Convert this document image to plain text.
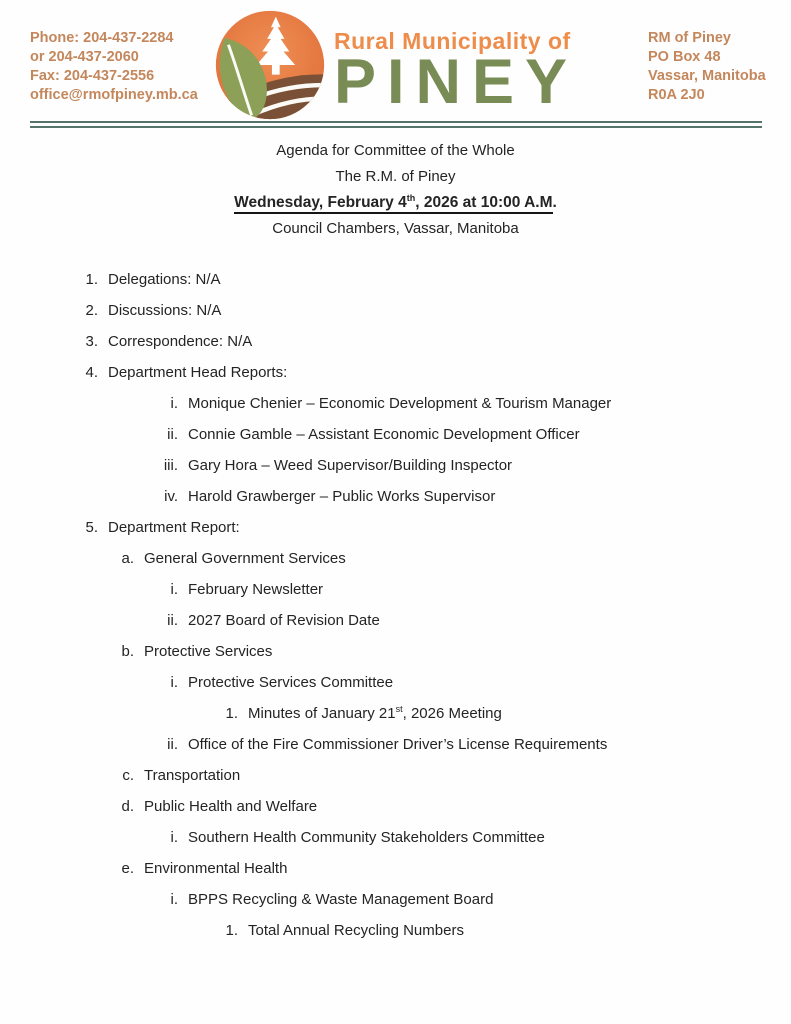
Phone: 204-437-2284
or 204-437-2060
Fax: 204-437-2556
office@rmofpiney.mb.ca
Rural Municipality of
PINEY
RM of Piney
PO Box 48
Vassar, Manitoba
R0A 2J0
Agenda for Committee of the Whole
The R.M. of Piney
Wednesday, February 4th, 2026 at 10:00 A.M.
Council Chambers, Vassar, Manitoba
1. Delegations: N/A
2. Discussions: N/A
3. Correspondence: N/A
4. Department Head Reports:
i. Monique Chenier – Economic Development & Tourism Manager
ii. Connie Gamble – Assistant Economic Development Officer
iii. Gary Hora – Weed Supervisor/Building Inspector
iv. Harold Grawberger – Public Works Supervisor
5. Department Report:
a. General Government Services
i. February Newsletter
ii. 2027 Board of Revision Date
b. Protective Services
i. Protective Services Committee
1. Minutes of January 21st, 2026 Meeting
ii. Office of the Fire Commissioner Driver’s License Requirements
c. Transportation
d. Public Health and Welfare
i. Southern Health Community Stakeholders Committee
e. Environmental Health
i. BPPS Recycling & Waste Management Board
1. Total Annual Recycling Numbers
